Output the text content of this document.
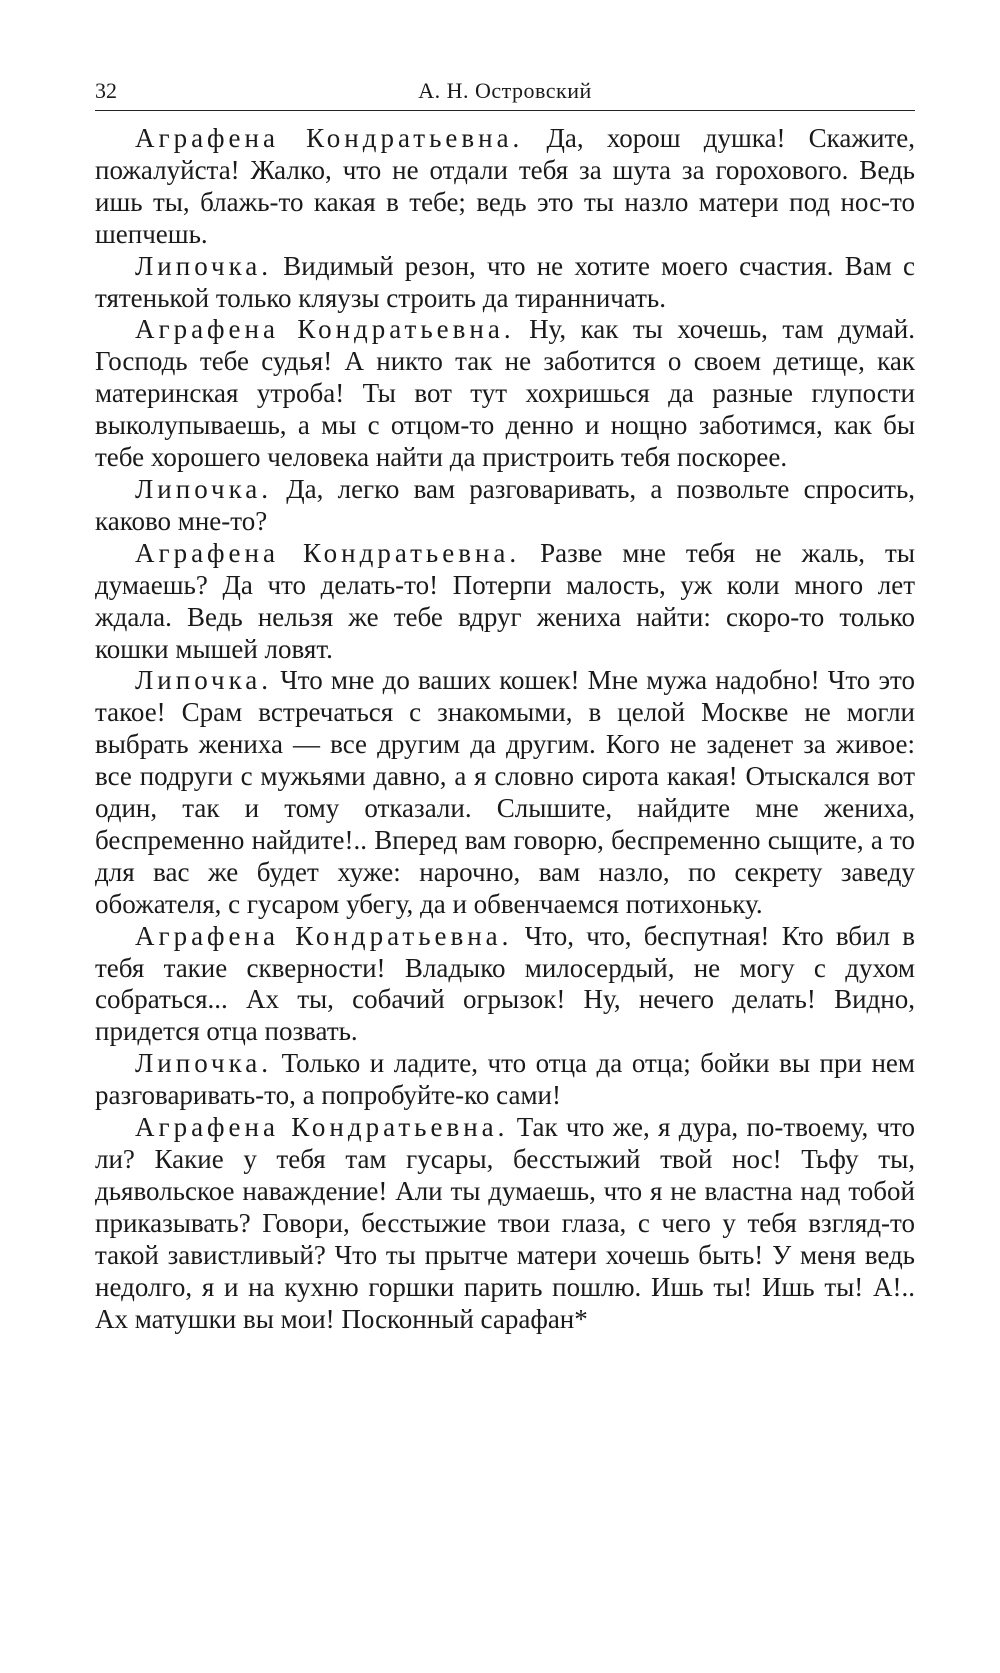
32	А. Н. Островский

Аграфена Кондратьевна. Да, хорош душка! Скажите, пожалуйста! Жалко, что не отдали тебя за шута за горохового. Ведь ишь ты, блажь-то какая в тебе; ведь это ты назло матери под нос-то шепчешь.

Липочка. Видимый резон, что не хотите моего счастия. Вам с тятенькой только кляузы строить да тиранничать.

Аграфена Кондратьевна. Ну, как ты хочешь, там думай. Господь тебе судья! А никто так не заботится о своем детище, как материнская утроба! Ты вот тут хохришься да разные глупости выколупываешь, а мы с отцом-то денно и нощно заботимся, как бы тебе хорошего человека найти да пристроить тебя поскорее.

Липочка. Да, легко вам разговаривать, а позвольте спросить, каково мне-то?

Аграфена Кондратьевна. Разве мне тебя не жаль, ты думаешь? Да что делать-то! Потерпи малость, уж коли много лет ждала. Ведь нельзя же тебе вдруг жениха найти: скоро-то только кошки мышей ловят.

Липочка. Что мне до ваших кошек! Мне мужа надобно! Что это такое! Срам встречаться с знакомыми, в целой Москве не могли выбрать жениха — все другим да другим. Кого не заденет за живое: все подруги с мужьями давно, а я словно сирота какая! Отыскался вот один, так и тому отказали. Слышите, найдите мне жениха, беспременно найдите!.. Вперед вам говорю, беспременно сыщите, а то для вас же будет хуже: нарочно, вам назло, по секрету заведу обожателя, с гусаром убегу, да и обвенчаемся потихоньку.

Аграфена Кондратьевна. Что, что, беспутная! Кто вбил в тебя такие скверности! Владыко милосердый, не могу с духом собраться... Ах ты, собачий огрызок! Ну, нечего делать! Видно, придется отца позвать.

Липочка. Только и ладите, что отца да отца; бойки вы при нем разговаривать-то, а попробуйте-ко сами!

Аграфена Кондратьевна. Так что же, я дура, по-твоему, что ли? Какие у тебя там гусары, бесстыжий твой нос! Тьфу ты, дьявольское наваждение! Али ты думаешь, что я не властна над тобой приказывать? Говори, бесстыжие твои глаза, с чего у тебя взгляд-то такой завистливый? Что ты прытче матери хочешь быть! У меня ведь недолго, я и на кухню горшки парить пошлю. Ишь ты! Ишь ты! А!.. Ах матушки вы мои! Посконный сарафан*
